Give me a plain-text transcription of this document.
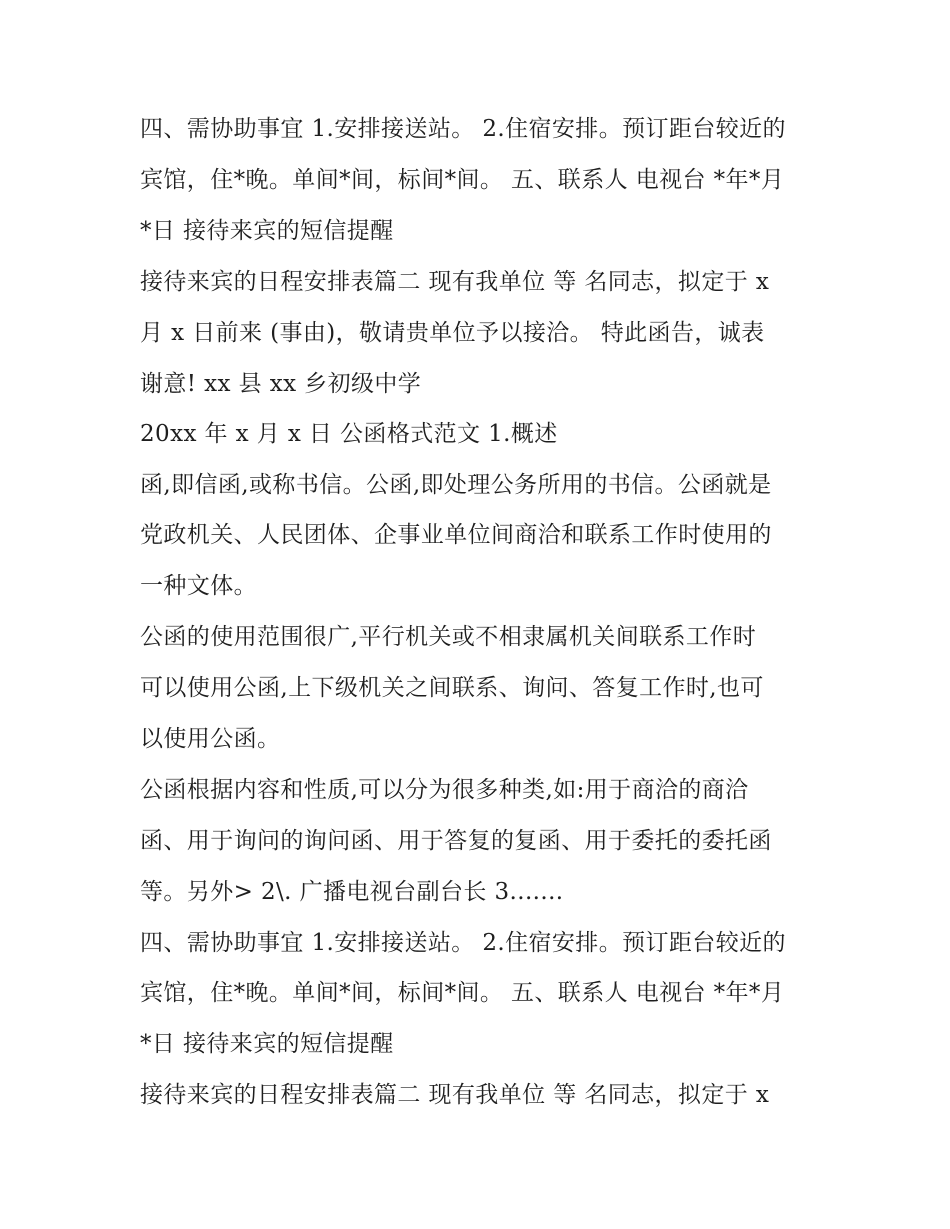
四、需协助事宜 1.安排接送站。 2.住宿安排。预订距台较近的
宾馆，住*晚。单间*间，标间*间。 五、联系人 电视台 *年*月
*日 接待来宾的短信提醒
接待来宾的日程安排表篇二 现有我单位 等 名同志，拟定于 x
月 x 日前来 (事由)，敬请贵单位予以接洽。 特此函告，诚表
谢意! xx 县 xx 乡初级中学
20xx 年 x 月 x 日 公函格式范文 1.概述
函,即信函,或称书信。公函,即处理公务所用的书信。公函就是
党政机关、人民团体、企事业单位间商洽和联系工作时使用的
一种文体。
公函的使用范围很广,平行机关或不相隶属机关间联系工作时
可以使用公函,上下级机关之间联系、询问、答复工作时,也可
以使用公函。
公函根据内容和性质,可以分为很多种类,如:用于商洽的商洽
函、用于询问的询问函、用于答复的复函、用于委托的委托函
等。另外> 2\. 广播电视台副台长 3.......
四、需协助事宜 1.安排接送站。 2.住宿安排。预订距台较近的
宾馆，住*晚。单间*间，标间*间。 五、联系人 电视台 *年*月
*日 接待来宾的短信提醒
接待来宾的日程安排表篇二 现有我单位 等 名同志，拟定于 x
